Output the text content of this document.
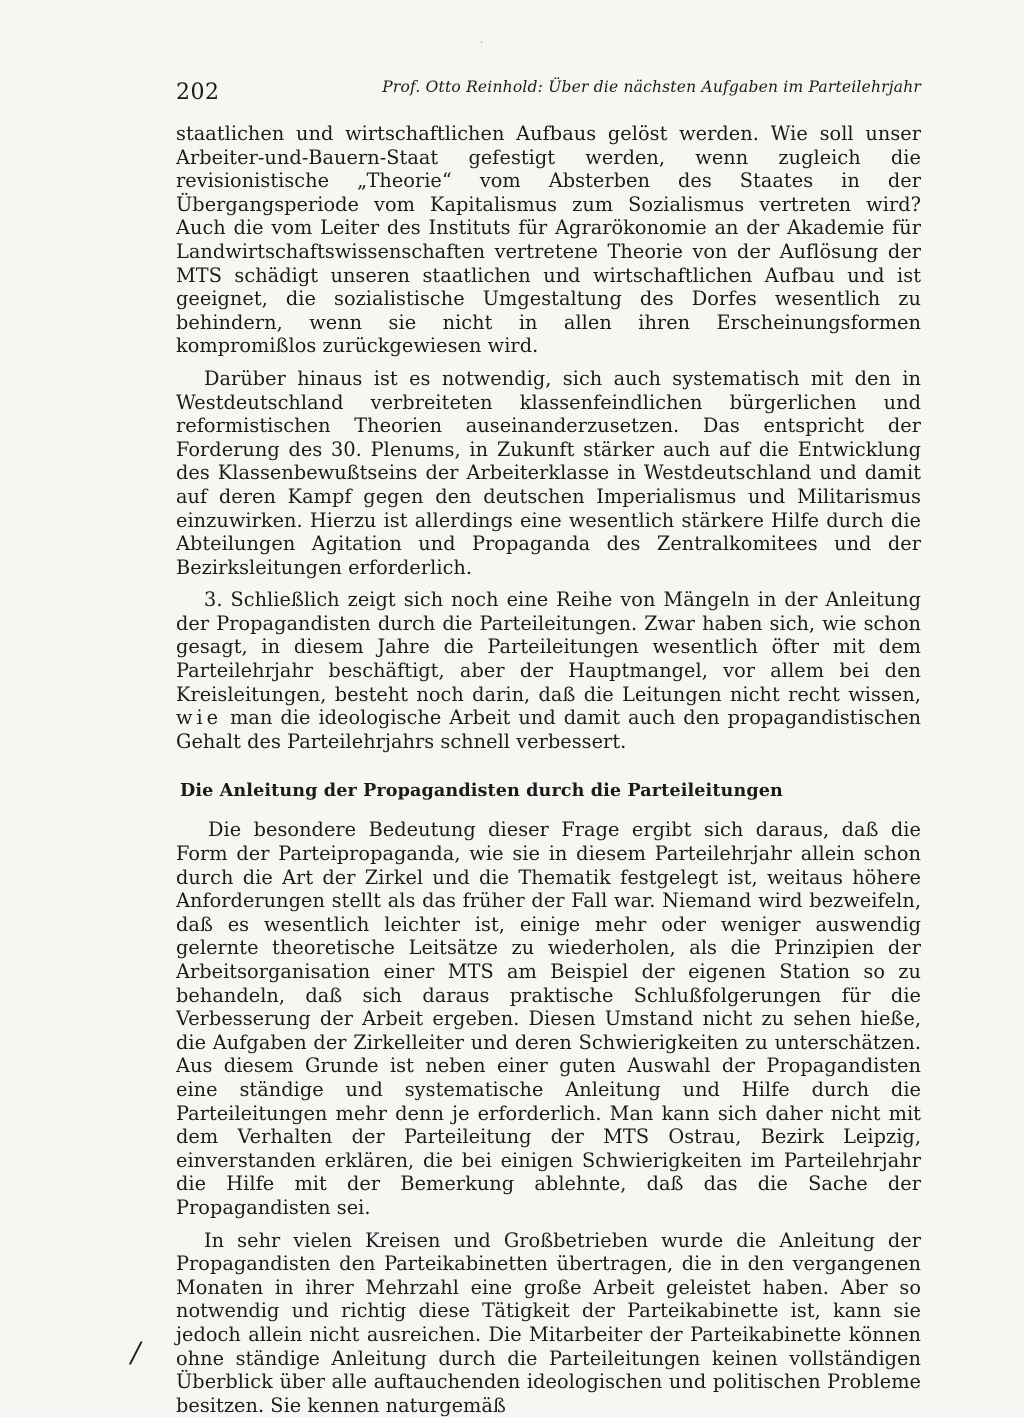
202	Prof. Otto Reinhold: Über die nächsten Aufgaben im Parteilehrjahr

staatlichen und wirtschaftlichen Aufbaus gelöst werden. Wie soll unser Arbeiter-und-Bauern-Staat gefestigt werden, wenn zugleich die revisionistische „Theorie“ vom Absterben des Staates in der Übergangsperiode vom Kapitalismus zum Sozialismus vertreten wird? Auch die vom Leiter des Instituts für Agrarökonomie an der Akademie für Landwirtschaftswissenschaften vertretene Theorie von der Auflösung der MTS schädigt unseren staatlichen und wirtschaftlichen Aufbau und ist geeignet, die sozialistische Umgestaltung des Dorfes wesentlich zu behindern, wenn sie nicht in allen ihren Erscheinungsformen kompromißlos zurückgewiesen wird.

Darüber hinaus ist es notwendig, sich auch systematisch mit den in Westdeutschland verbreiteten klassenfeindlichen bürgerlichen und reformistischen Theorien auseinanderzusetzen. Das entspricht der Forderung des 30. Plenums, in Zukunft stärker auch auf die Entwicklung des Klassenbewußtseins der Arbeiterklasse in Westdeutschland und damit auf deren Kampf gegen den deutschen Imperialismus und Militarismus einzuwirken. Hierzu ist allerdings eine wesentlich stärkere Hilfe durch die Abteilungen Agitation und Propaganda des Zentralkomitees und der Bezirksleitungen erforderlich.

3. Schließlich zeigt sich noch eine Reihe von Mängeln in der Anleitung der Propagandisten durch die Parteileitungen. Zwar haben sich, wie schon gesagt, in diesem Jahre die Parteileitungen wesentlich öfter mit dem Parteilehrjahr beschäftigt, aber der Hauptmangel, vor allem bei den Kreisleitungen, besteht noch darin, daß die Leitungen nicht recht wissen, wie man die ideologische Arbeit und damit auch den propagandistischen Gehalt des Parteilehrjahrs schnell verbessert.

Die Anleitung der Propagandisten durch die Parteileitungen

Die besondere Bedeutung dieser Frage ergibt sich daraus, daß die Form der Parteipropaganda, wie sie in diesem Parteilehrjahr allein schon durch die Art der Zirkel und die Thematik festgelegt ist, weitaus höhere Anforderungen stellt als das früher der Fall war. Niemand wird bezweifeln, daß es wesentlich leichter ist, einige mehr oder weniger auswendig gelernte theoretische Leitsätze zu wiederholen, als die Prinzipien der Arbeitsorganisation einer MTS am Beispiel der eigenen Station so zu behandeln, daß sich daraus praktische Schlußfolgerungen für die Verbesserung der Arbeit ergeben. Diesen Umstand nicht zu sehen hieße, die Aufgaben der Zirkelleiter und deren Schwierigkeiten zu unterschätzen. Aus diesem Grunde ist neben einer guten Auswahl der Propagandisten eine ständige und systematische Anleitung und Hilfe durch die Parteileitungen mehr denn je erforderlich. Man kann sich daher nicht mit dem Verhalten der Parteileitung der MTS Ostrau, Bezirk Leipzig, einverstanden erklären, die bei einigen Schwierigkeiten im Parteilehrjahr die Hilfe mit der Bemerkung ablehnte, daß das die Sache der Propagandisten sei.

In sehr vielen Kreisen und Großbetrieben wurde die Anleitung der Propagandisten den Parteikabinetten übertragen, die in den vergangenen Monaten in ihrer Mehrzahl eine große Arbeit geleistet haben. Aber so notwendig und richtig diese Tätigkeit der Parteikabinette ist, kann sie jedoch allein nicht ausreichen. Die Mitarbeiter der Parteikabinette können ohne ständige Anleitung durch die Parteileitungen keinen vollständigen Überblick über alle auftauchenden ideologischen und politischen Probleme besitzen. Sie kennen naturgemäß

·
/
